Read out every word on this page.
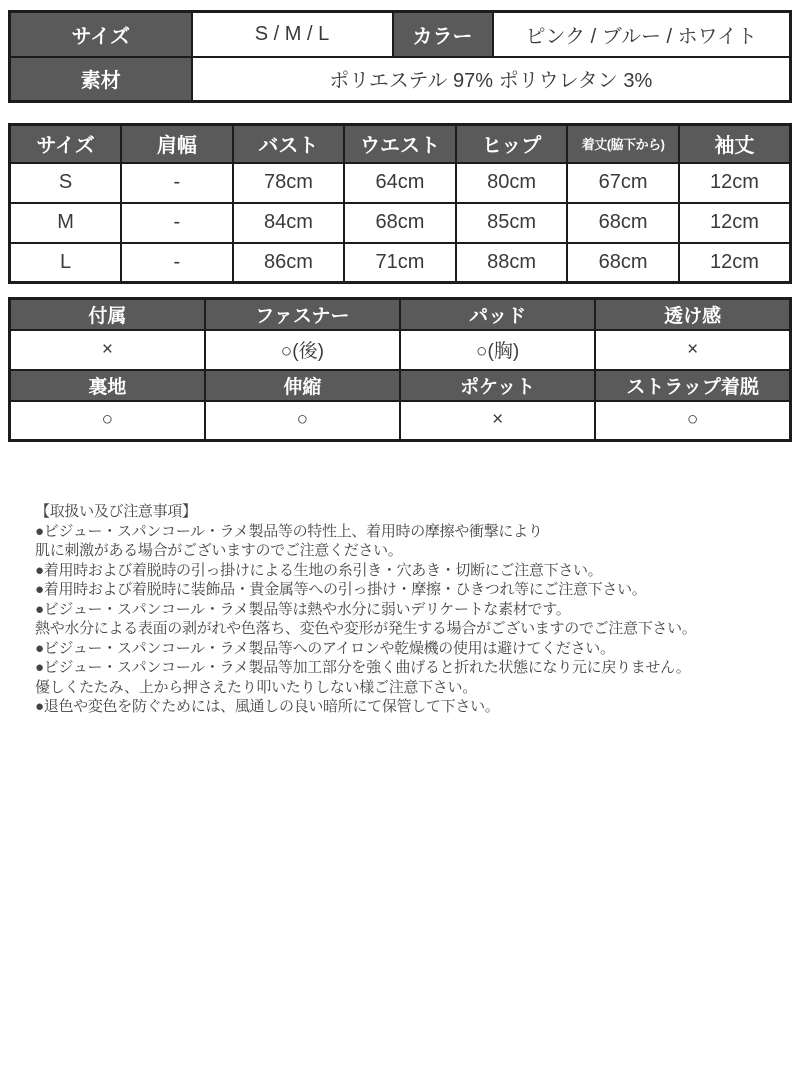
サイズ	S / M / L	カラー	ピンク / ブルー / ホワイト
素材	ポリエステル 97% ポリウレタン 3%		
サイズ	肩幅	バスト	ウエスト	ヒップ	着丈(脇下から)	袖丈
S	-	78cm	64cm	80cm	67cm	12cm
M	-	84cm	68cm	85cm	68cm	12cm
L	-	86cm	71cm	88cm	68cm	12cm
付属	ファスナー	パッド	透け感
×	○(後)	○(胸)	×
裏地	伸縮	ポケット	ストラップ着脱
○	○	×	○
【取扱い及び注意事項】
●ビジュー・スパンコール・ラメ製品等の特性上、着用時の摩擦や衝撃により
肌に刺激がある場合がございますのでご注意ください。
●着用時および着脱時の引っ掛けによる生地の糸引き・穴あき・切断にご注意下さい。
●着用時および着脱時に装飾品・貴金属等への引っ掛け・摩擦・ひきつれ等にご注意下さい。
●ビジュー・スパンコール・ラメ製品等は熱や水分に弱いデリケートな素材です。
熱や水分による表面の剥がれや色落ち、変色や変形が発生する場合がございますのでご注意下さい。
●ビジュー・スパンコール・ラメ製品等へのアイロンや乾燥機の使用は避けてください。
●ビジュー・スパンコール・ラメ製品等加工部分を強く曲げると折れた状態になり元に戻りません。
優しくたたみ、上から押さえたり叩いたりしない様ご注意下さい。
●退色や変色を防ぐためには、風通しの良い暗所にて保管して下さい。
